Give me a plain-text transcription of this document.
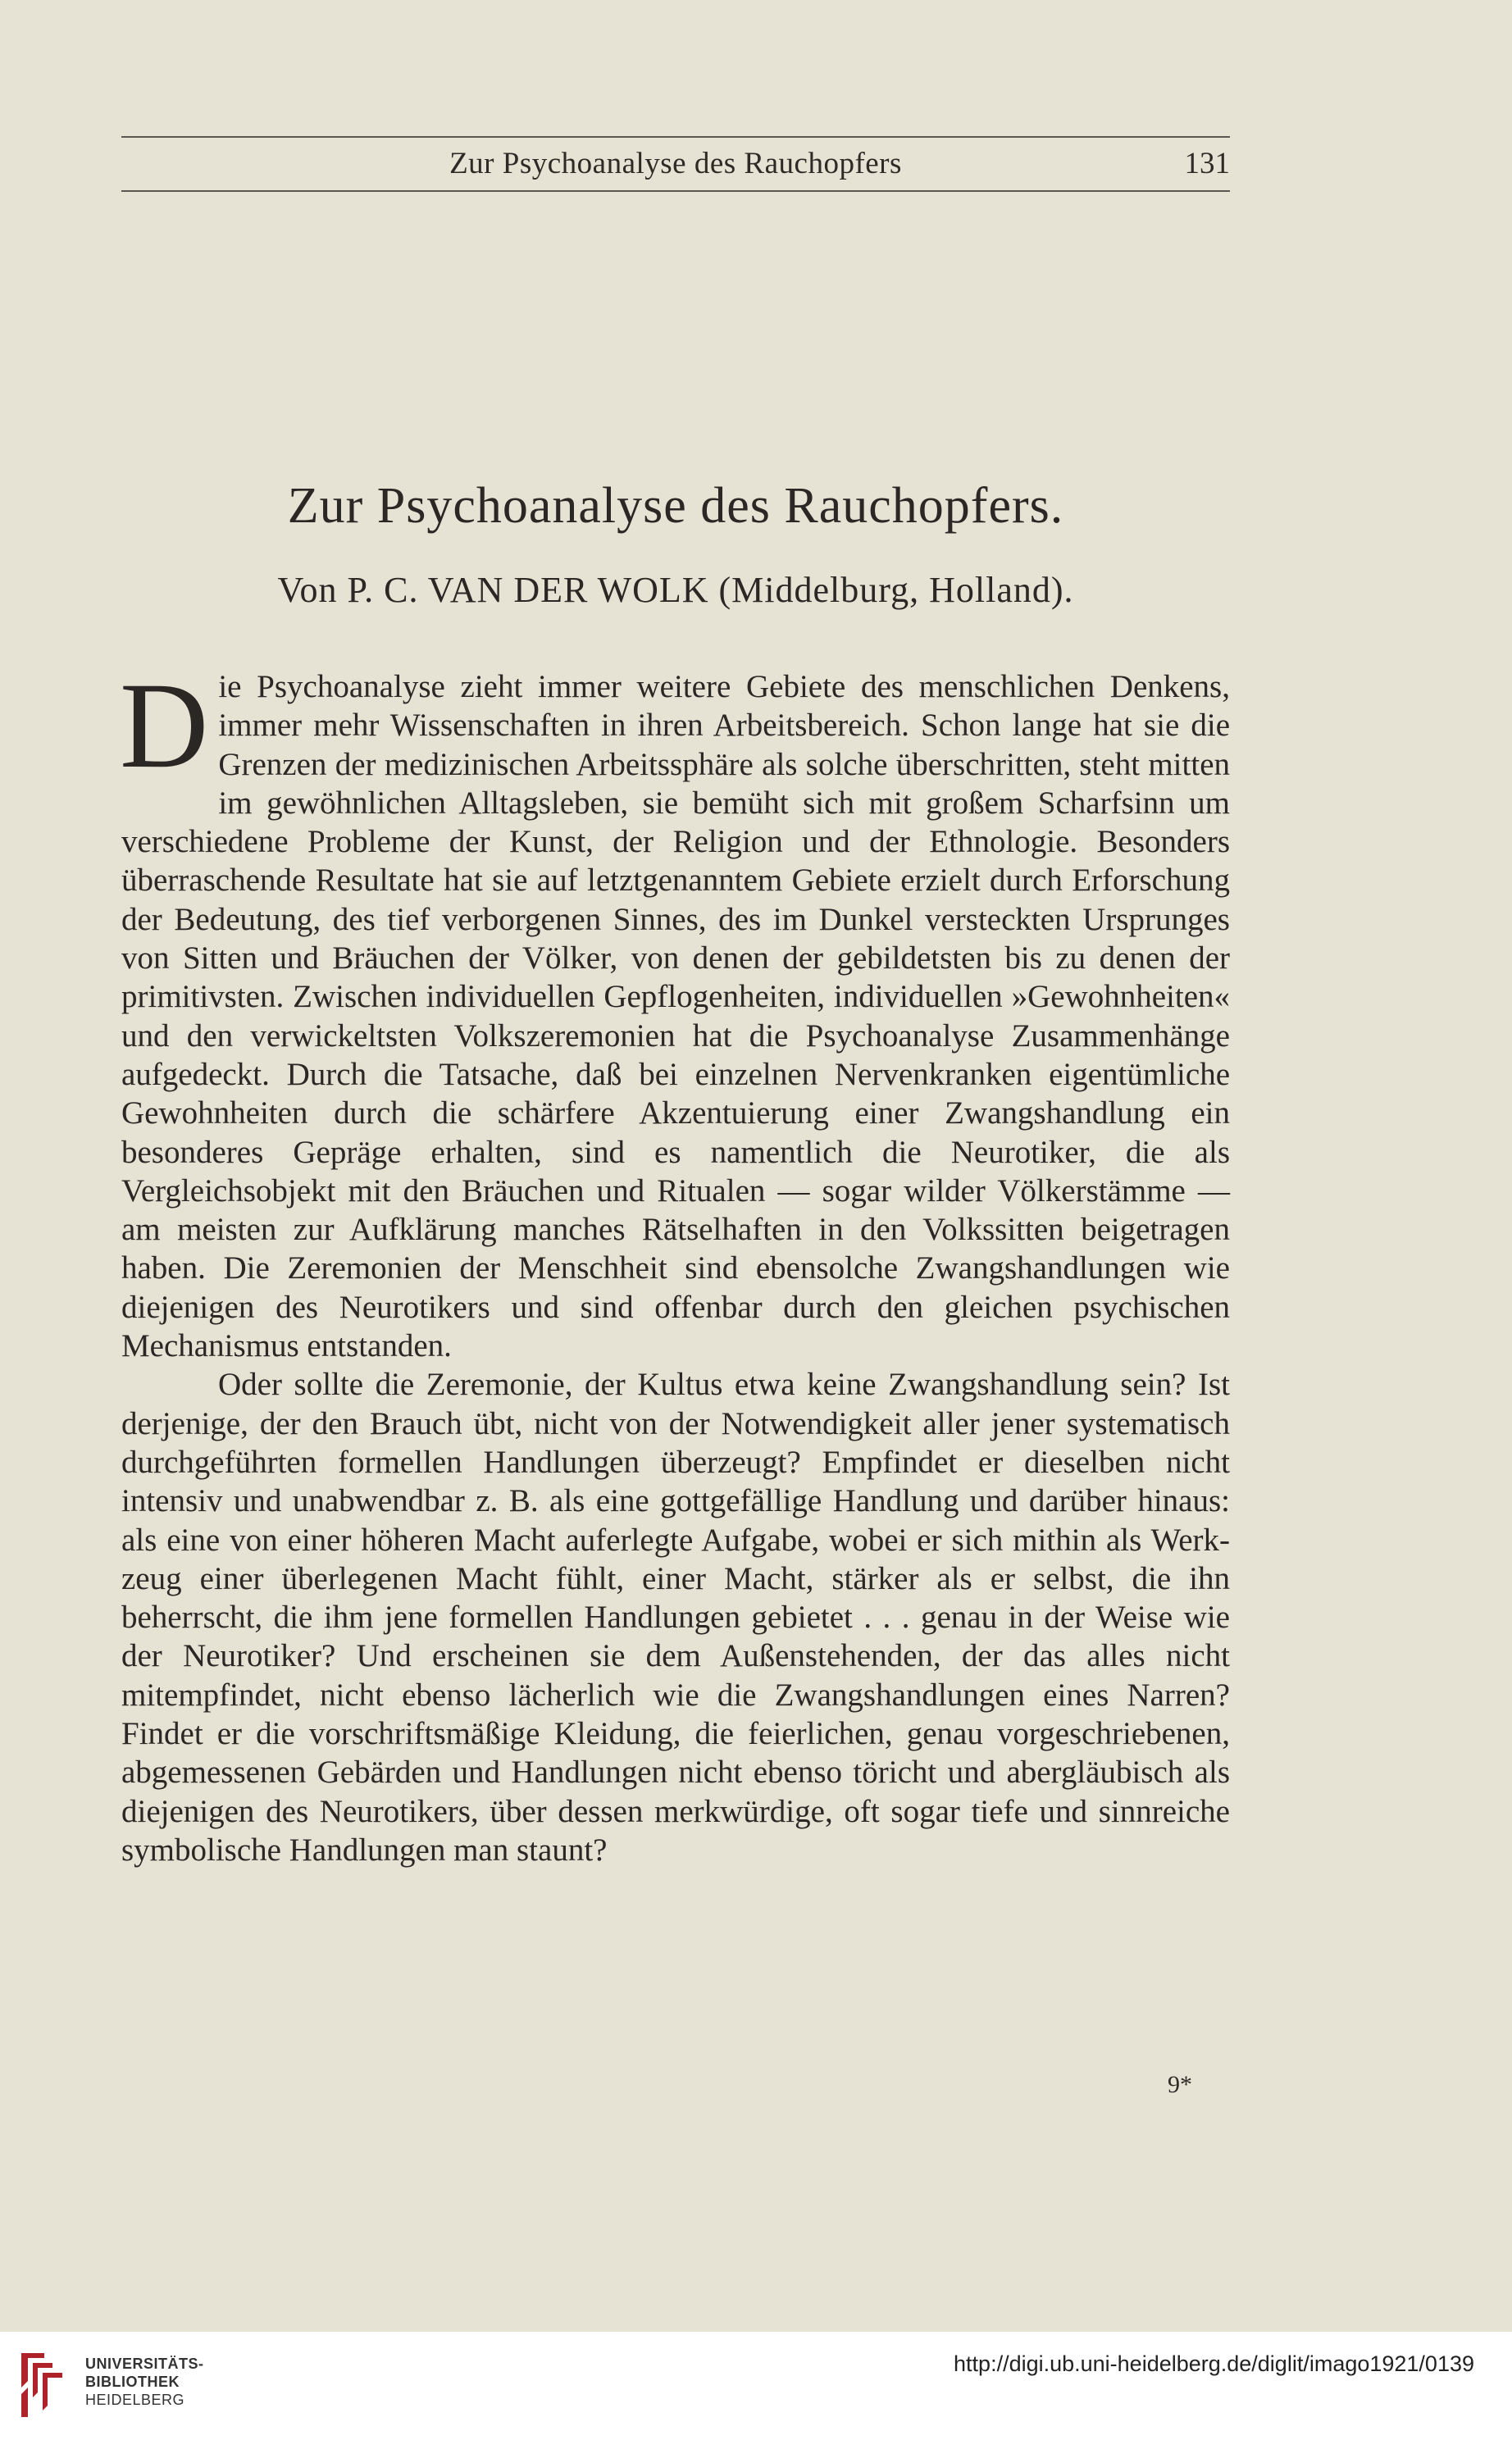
Zur Psychoanalyse des Rauchopfers	131
Zur Psychoanalyse des Rauchopfers.
Von P. C. VAN DER WOLK (Middelburg, Holland).

Die Psychoanalyse zieht immer weitere Gebiete des menschlichen Denkens, immer mehr Wissenschaften in ihren Arbeitsbereich. Schon lange hat sie die Grenzen der medizinischen Arbeitssphäre als solche überschritten, steht mitten im gewöhnlichen Alltagsleben, sie bemüht sich mit großem Scharfsinn um verschiedene Probleme der Kunst, der Religion und der Ethnologie. Besonders überraschende Resultate hat sie auf letztgenanntem Gebiete erzielt durch Erforschung der Bedeutung, des tief verborgenen Sinnes, des im Dunkel versteckten Ursprunges von Sitten und Bräuchen der Völker, von denen der gebildetsten bis zu denen der primitivsten. Zwischen individuellen Gepflogenheiten, individuellen »Gewohnheiten« und den verwickeltsten Volkszeremonien hat die Psychoanalyse Zusammenhänge aufgedeckt. Durch die Tatsache, daß bei einzelnen Nervenkranken eigentümliche Gewohnheiten durch die schärfere Akzentuierung einer Zwangshandlung ein besonderes Gepräge erhalten, sind es namentlich die Neurotiker, die als Vergleichsobjekt mit den Bräuchen und Ritualen — sogar wilder Völkerstämme — am meisten zur Aufklärung manches Rätselhaften in den Volkssitten beigetragen haben. Die Zeremonien der Menschheit sind ebensolche Zwangshandlungen wie diejenigen des Neurotikers und sind offenbar durch den gleichen psychischen Mechanismus entstanden.

Oder sollte die Zeremonie, der Kultus etwa keine Zwangshandlung sein? Ist derjenige, der den Brauch übt, nicht von der Notwendigkeit aller jener systematisch durchgeführten formellen Handlungen überzeugt? Empfindet er dieselben nicht intensiv und unabwendbar z. B. als eine gottgefällige Handlung und darüber hinaus: als eine von einer höheren Macht auferlegte Aufgabe, wobei er sich mithin als Werkzeug einer überlegenen Macht fühlt, einer Macht, stärker als er selbst, die ihn beherrscht, die ihm jene formellen Handlungen gebietet . . . genau in der Weise wie der Neurotiker? Und erscheinen sie dem Außenstehenden, der das alles nicht mitempfindet, nicht ebenso lächerlich wie die Zwangshandlungen eines Narren? Findet er die vorschriftsmäßige Kleidung, die feierlichen, genau vorgeschriebenen, abgemessenen Gebärden und Handlungen nicht ebenso töricht und abergläubisch als diejenigen des Neurotikers, über dessen merkwürdige, oft sogar tiefe und sinnreiche symbolische Handlungen man staunt?

9*
UNIVERSITÄTS-
BIBLIOTHEK
HEIDELBERG
http://digi.ub.uni-heidelberg.de/diglit/imago1921/0139
